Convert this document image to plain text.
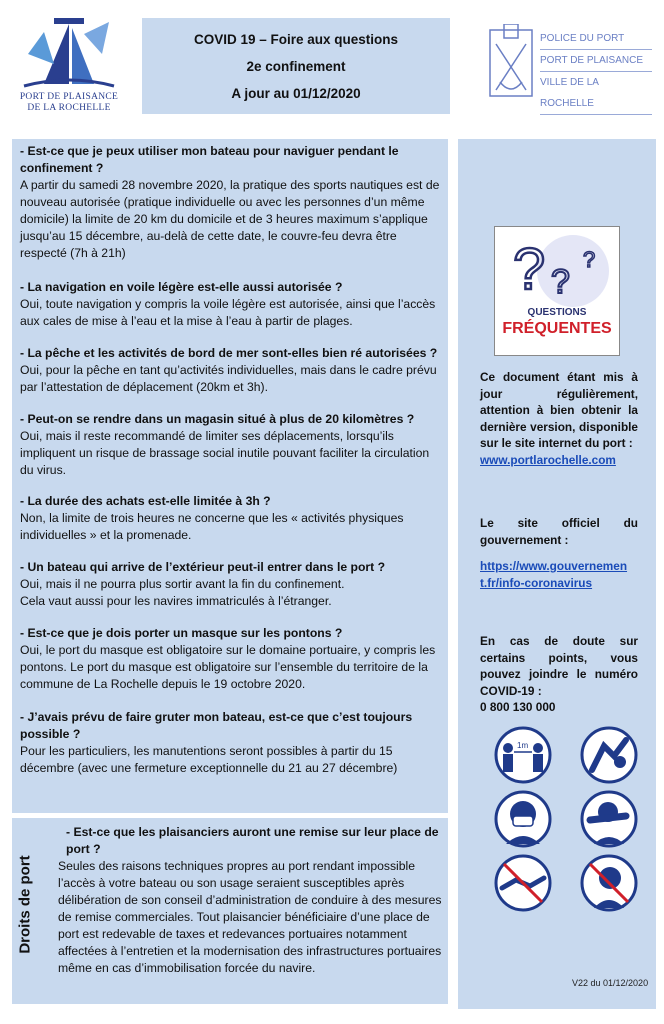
PORT DE PLAISANCE
DE LA ROCHELLE
COVID 19 – Foire aux questions
2e confinement
A jour au 01/12/2020
POLICE DU PORT
PORT DE PLAISANCE
VILLE DE LA ROCHELLE
- Est-ce que je peux utiliser mon bateau pour naviguer pendant le confinement ?
A partir du samedi 28 novembre 2020, la pratique des sports nautiques est de nouveau autorisée (pratique individuelle ou avec les personnes d’un même domicile) la limite de 20 km du domicile et de 3 heures maximum s’applique jusqu’au 15 décembre, au-delà de cette date, le couvre-feu devra être respecté (7h à 21h)
- La navigation en voile légère est-elle aussi autorisée ?
Oui, toute navigation y compris la voile légère est autorisée, ainsi que l’accès aux cales de mise à l’eau et la mise à l’eau à partir de plages.
- La pêche et les activités de bord de mer sont-elles bien ré autorisées ?
Oui, pour la pêche en tant qu’activités individuelles, mais dans le cadre prévu par l’attestation de déplacement (20km et 3h).
- Peut-on se rendre dans un magasin situé à plus de 20 kilomètres ?
Oui, mais il reste recommandé de limiter ses déplacements, lorsqu’ils impliquent un risque de brassage social inutile pouvant faciliter la circulation du virus.
- La durée des achats est-elle limitée à 3h ?
Non, la limite de trois heures ne concerne que les « activités physiques individuelles » et la promenade.
- Un bateau qui arrive de l’extérieur peut-il entrer dans le port ?
Oui, mais il ne pourra plus sortir avant la fin du confinement.
Cela vaut aussi pour les navires immatriculés à l’étranger.
- Est-ce que je dois porter un masque sur les pontons ?
Oui, le port du masque est obligatoire sur le domaine portuaire, y compris les pontons. Le port du masque est obligatoire sur l’ensemble du territoire de la commune de La Rochelle depuis le 19 octobre 2020.
- J’avais prévu de faire gruter mon bateau, est-ce que c’est toujours possible ?
Pour les particuliers, les manutentions seront possibles à partir du 15 décembre (avec une fermeture exceptionnelle du 21 au 27 décembre)
Ce document étant mis à jour régulièrement, attention à bien obtenir la dernière version, disponible sur le site internet du port :
www.portlarochelle.com
Le site officiel du gouvernement :
https://www.gouvernemen
t.fr/info-coronavirus
En cas de doute sur certains points, vous pouvez joindre le numéro COVID-19 :
0 800 130 000
? ?
?
QUESTIONS
FRÉQUENTES
1m
- Est-ce que les plaisanciers auront une remise sur leur place de port ?
Seules des raisons techniques propres au port rendant impossible l’accès à votre bateau ou son usage seraient susceptibles après délibération de son conseil d’administration de conduire à des mesures de remise commerciales. Tout plaisancier bénéficiaire d’une place de port est redevable de taxes et redevances portuaires notamment affectées à l’entretien et la modernisation des infrastructures portuaires même en cas d’immobilisation forcée du navire.
Droits de port
V22 du 01/12/2020
